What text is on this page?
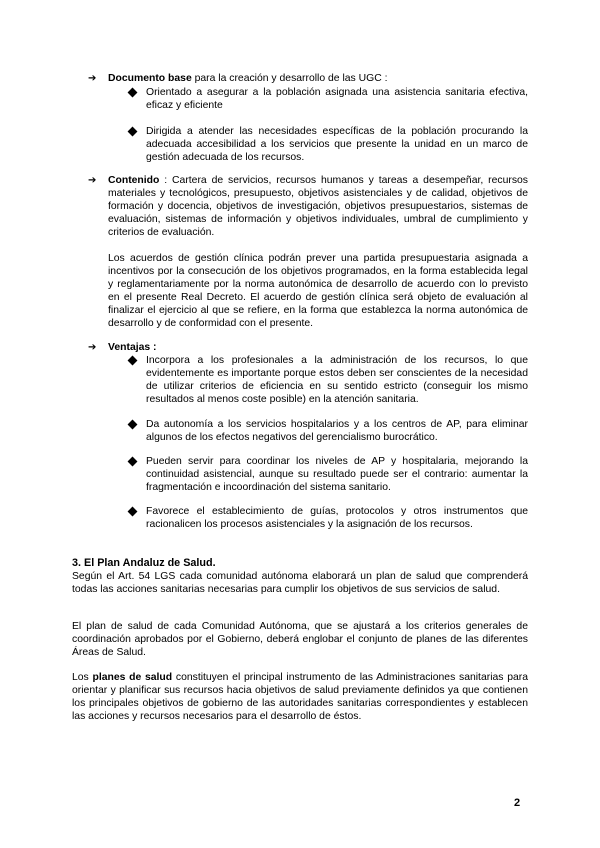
➔	Documento base para la creación y desarrollo de las UGC :
Orientado a asegurar a la población asignada una asistencia sanitaria efectiva, eficaz y eficiente
Dirigida a atender las necesidades específicas de la población procurando la adecuada accesibilidad a los servicios que presente la unidad en un marco de gestión adecuada de los recursos.
➔	Contenido : Cartera de servicios, recursos humanos y tareas a desempeñar, recursos materiales y tecnológicos, presupuesto, objetivos asistenciales y de calidad, objetivos de formación y docencia, objetivos de investigación, objetivos presupuestarios, sistemas de evaluación, sistemas de información y objetivos individuales, umbral de cumplimiento y criterios de evaluación.
Los acuerdos de gestión clínica podrán prever una partida presupuestaria asignada a incentivos por la consecución de los objetivos programados, en la forma establecida legal y reglamentariamente por la norma autonómica de desarrollo de acuerdo con lo previsto en el presente Real Decreto. El acuerdo de gestión clínica será objeto de evaluación al finalizar el ejercicio al que se refiere, en la forma que establezca la norma autonómica de desarrollo y de conformidad con el presente.
➔	Ventajas :
Incorpora a los profesionales a la administración de los recursos, lo que evidentemente es importante porque estos deben ser conscientes de la necesidad de utilizar criterios de eficiencia en su sentido estricto (conseguir los mismo resultados al menos coste posible) en la atención sanitaria.
Da autonomía a los servicios hospitalarios y a los centros de AP, para eliminar algunos de los efectos negativos del gerencialismo burocrático.
Pueden servir para coordinar los niveles de AP y hospitalaria, mejorando la continuidad asistencial, aunque su resultado puede ser el contrario: aumentar la fragmentación e incoordinación del sistema sanitario.
Favorece el establecimiento de guías, protocolos y otros instrumentos que racionalicen los procesos asistenciales y la asignación de los recursos.
3. El Plan Andaluz de Salud.
Según el Art. 54 LGS cada comunidad autónoma elaborará un plan de salud que comprenderá todas las acciones sanitarias necesarias para cumplir los objetivos de sus servicios de salud.
El plan de salud de cada Comunidad Autónoma, que se ajustará a los criterios generales de coordinación aprobados por el Gobierno, deberá englobar el conjunto de planes de las diferentes Áreas de Salud.
Los planes de salud constituyen el principal instrumento de las Administraciones sanitarias para orientar y planificar sus recursos hacia objetivos de salud previamente definidos ya que contienen los principales objetivos de gobierno de las autoridades sanitarias correspondientes y establecen las acciones y recursos necesarios para el desarrollo de éstos.
2
